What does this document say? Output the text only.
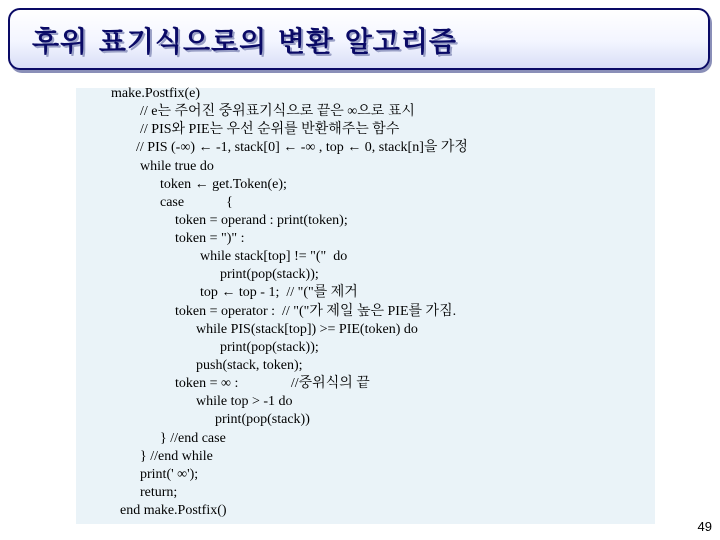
후위 표기식으로의 변환 알고리즘
make.Postfix(e)
// e는 주어진 중위표기식으로 끝은 ∞으로 표시
// PIS와 PIE는 우선 순위를 반환해주는 함수
// PIS (-∞) ← -1, stack[0] ← -∞ , top ← 0, stack[n]을 가정
while true do
token ← get.Token(e);
case            {
token = operand : print(token);
token = ")" :
while stack[top] != "("  do
print(pop(stack));
top ← top - 1;  // "("를 제거
token = operator :  // "("가 제일 높은 PIE를 가짐.
while PIS(stack[top]) >= PIE(token) do
print(pop(stack));
push(stack, token);
token = ∞ :               //중위식의 끝
while top > -1 do
print(pop(stack))
} //end case
} //end while
print(' ∞');
return;
end make.Postfix()
49
